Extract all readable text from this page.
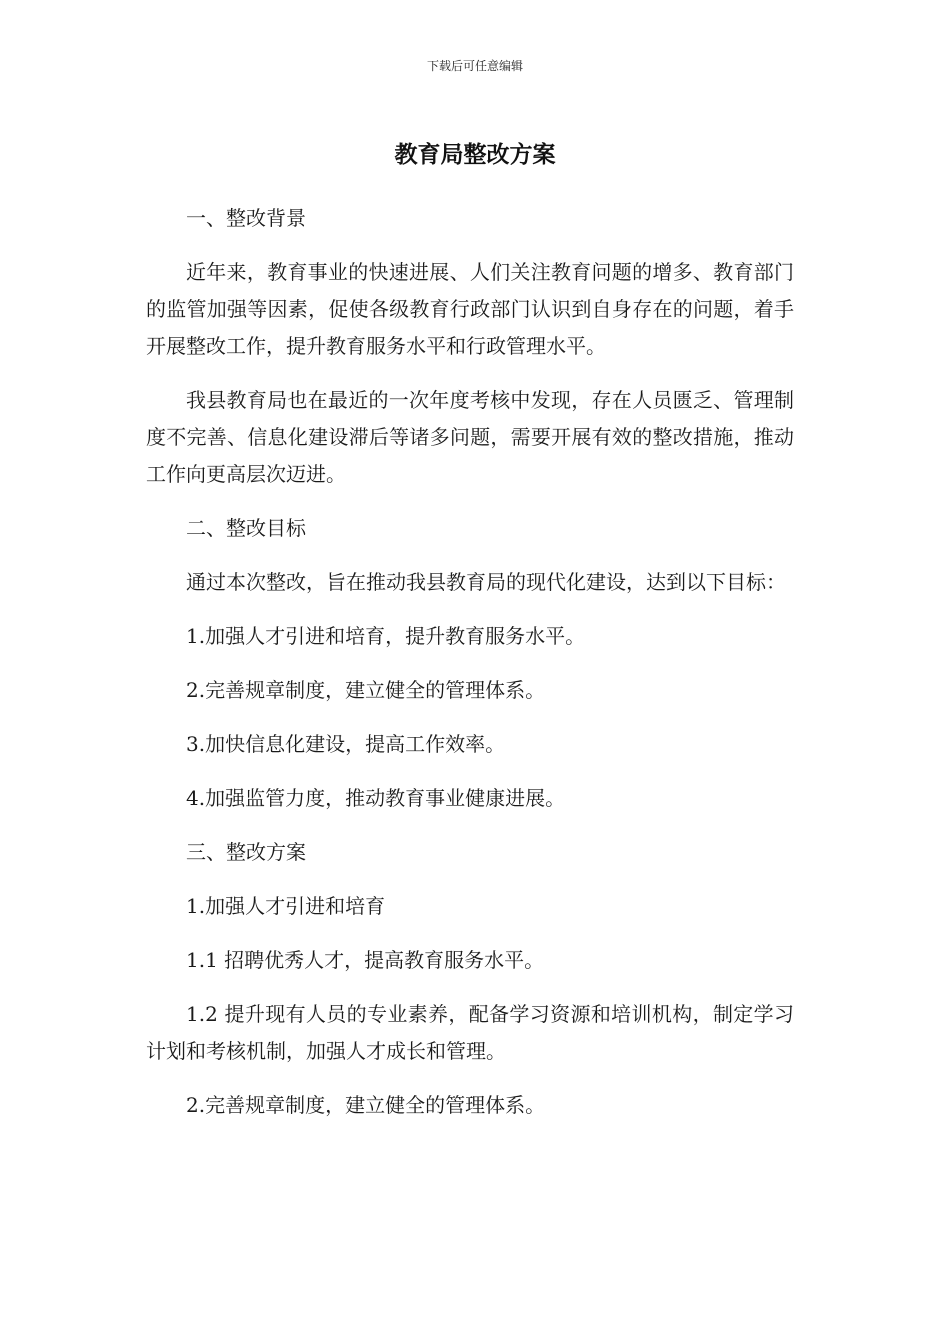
下载后可任意编辑
教育局整改方案

一、整改背景

近年来，教育事业的快速进展、人们关注教育问题的增多、教育部门的监管加强等因素，促使各级教育行政部门认识到自身存在的问题，着手开展整改工作，提升教育服务水平和行政管理水平。

我县教育局也在最近的一次年度考核中发现，存在人员匮乏、管理制度不完善、信息化建设滞后等诸多问题，需要开展有效的整改措施，推动工作向更高层次迈进。

二、整改目标

通过本次整改，旨在推动我县教育局的现代化建设，达到以下目标：

1.加强人才引进和培育，提升教育服务水平。

2.完善规章制度，建立健全的管理体系。

3.加快信息化建设，提高工作效率。

4.加强监管力度，推动教育事业健康进展。

三、整改方案

1.加强人才引进和培育

1.1 招聘优秀人才，提高教育服务水平。

1.2 提升现有人员的专业素养，配备学习资源和培训机构，制定学习计划和考核机制，加强人才成长和管理。

2.完善规章制度，建立健全的管理体系。
